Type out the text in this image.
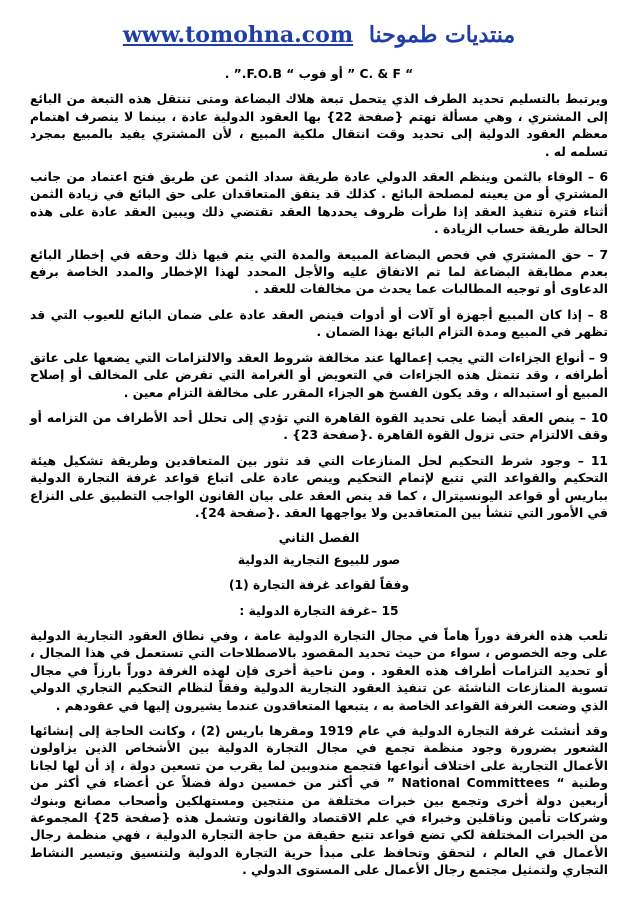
www.tomohna.com منتديات طموحنا

“ C. & F ” أو فوب “ F.O.B.” .

ويرتبط بالتسليم تحديد الطرف الذي يتحمل تبعة هلاك البضاعة ومتى تنتقل هذه التبعة من البائع إلى المشتري ، وهي مسألة تهتم {صفحة 22} بها العقود الدولية عادة ، بينما لا ينصرف اهتمام معظم العقود الدولية إلى تحديد وقت انتقال ملكية المبيع ، لأن المشتري يفيد بالمبيع بمجرد تسلمه له .

6 – الوفاء بالثمن وينظم العقد الدولي عادة طريقة سداد الثمن عن طريق فتح اعتماد من جانب المشتري أو من يعينه لمصلحة البائع . كذلك قد يتفق المتعاقدان على حق البائع في زيادة الثمن أثناء فترة تنفيذ العقد إذا طرأت ظروف يحددها العقد تقتضي ذلك ويبين العقد عادة على هذه الحالة طريقة حساب الزيادة .

7 – حق المشتري في فحص البضاعة المبيعة والمدة التي يتم فيها ذلك وحقه في إخطار البائع بعدم مطابقة البضاعة لما تم الاتفاق عليه والأجل المحدد لهذا الإخطار والمدد الخاصة برفع الدعاوى أو توجيه المطالبات عما يحدث من مخالفات للعقد .

8 – إذا كان المبيع أجهزة أو آلات أو أدوات فينص العقد عادة على ضمان البائع للعيوب التي قد تظهر في المبيع ومدة التزام البائع بهذا الضمان .

9 – أنواع الجزاءات التي يجب إعمالها عند مخالفة شروط العقد والالتزامات التي يضعها على عاتق أطرافه ، وقد تتمثل هذه الجزاءات في التعويض أو الغرامة التي تفرض على المخالف أو إصلاح المبيع أو استبداله ، وقد يكون الفسخ هو الجزاء المقرر على مخالفة التزام معين .

10 – ينص العقد أيضا على تحديد القوة القاهرة التي تؤدي إلى تحلل أحد الأطراف من التزامه أو وقف الالتزام حتى تزول القوة القاهرة .{صفحة 23} .

11 – وجود شرط التحكيم لحل المنازعات التي قد تثور بين المتعاقدين وطريقة تشكيل هيئة التحكيم والقواعد التي تتبع لإتمام التحكيم وينص عادة على اتباع قواعد غرفة التجارة الدولية بباريس أو قواعد اليونسيترال ، كما قد ينص العقد على بيان القانون الواجب التطبيق على النزاع في الأمور التي تنشأ بين المتعاقدين ولا يواجهها العقد .{صفحة 24}.

الفصل الثاني

صور للبيوع التجارية الدولية

وفقاً لقواعد غرفة التجارة (1)

15 –غرفة التجارة الدولية :

تلعب هذه الغرفة دوراً هاماً في مجال التجارة الدولية عامة ، وفي نطاق العقود التجارية الدولية على وجه الخصوص ، سواء من حيث تحديد المقصود بالاصطلاحات التي تستعمل في هذا المجال ، أو تحديد التزامات أطراف هذه العقود . ومن ناحية أخرى فإن لهذه الغرفة دوراً بارزاً في مجال تسوية المنازعات الناشئة عن تنفيذ العقود التجارية الدولية وفقاً لنظام التحكيم التجاري الدولي الذي وضعت الغرفة القواعد الخاصة به ، يتبعها المتعاقدون عندما يشيرون إليها في عقودهم .

وقد أنشئت غرفة التجارة الدولية في عام 1919 ومقرها باريس (2) ، وكانت الحاجة إلى إنشائها الشعور بضرورة وجود منظمة تجمع في مجال التجارة الدولية بين الأشخاص الذين يزاولون الأعمال التجارية على اختلاف أنواعها فتجمع مندوبين لما يقرب من تسعين دولة ، إذ أن لها لجانا وطنية “ National Committees ” في أكثر من خمسين دولة فضلاً عن أعضاء في أكثر من أربعين دولة أخرى وتجمع بين خبرات مختلفة من منتجين ومستهلكين وأصحاب مصانع وبنوك وشركات تأمين وناقلين وخبراء في علم الاقتصاد والقانون وتشمل هذه {صفحة 25} المجموعة من الخبرات المختلفة لكي تضع قواعد تتبع حقيقة من حاجة التجارة الدولية ، فهي منظمة رجال الأعمال في العالم ، لتحقق وتحافظ على مبدأ حرية التجارة الدولية ولتنسيق وتيسير النشاط التجاري ولتمثيل مجتمع رجال الأعمال على المستوى الدولي .
